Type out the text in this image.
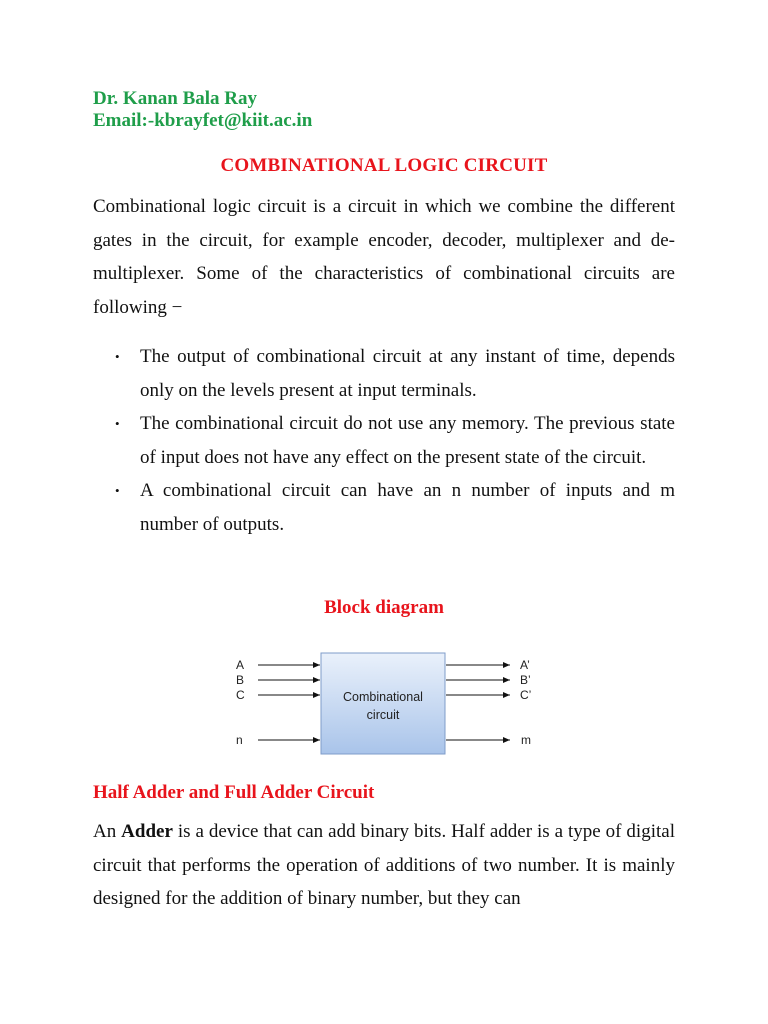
Dr. Kanan Bala Ray
Email:-kbrayfet@kiit.ac.in
COMBINATIONAL LOGIC CIRCUIT
Combinational logic circuit is a circuit in which we combine the different gates in the circuit, for example encoder, decoder, multiplexer and de-multiplexer. Some of the characteristics of combinational circuits are following −
• The output of combinational circuit at any instant of time, depends only on the levels present at input terminals.
• The combinational circuit do not use any memory. The previous state of input does not have any effect on the present state of the circuit.
• A combinational circuit can have an n number of inputs and m number of outputs.
Block diagram
Combinational
circuit
A
B
C
n
A’
B’
C’
m
Half Adder and Full Adder Circuit
An Adder is a device that can add binary bits. Half adder is a type of digital circuit that performs the operation of additions of two number. It is mainly designed for the addition of binary number, but they can
